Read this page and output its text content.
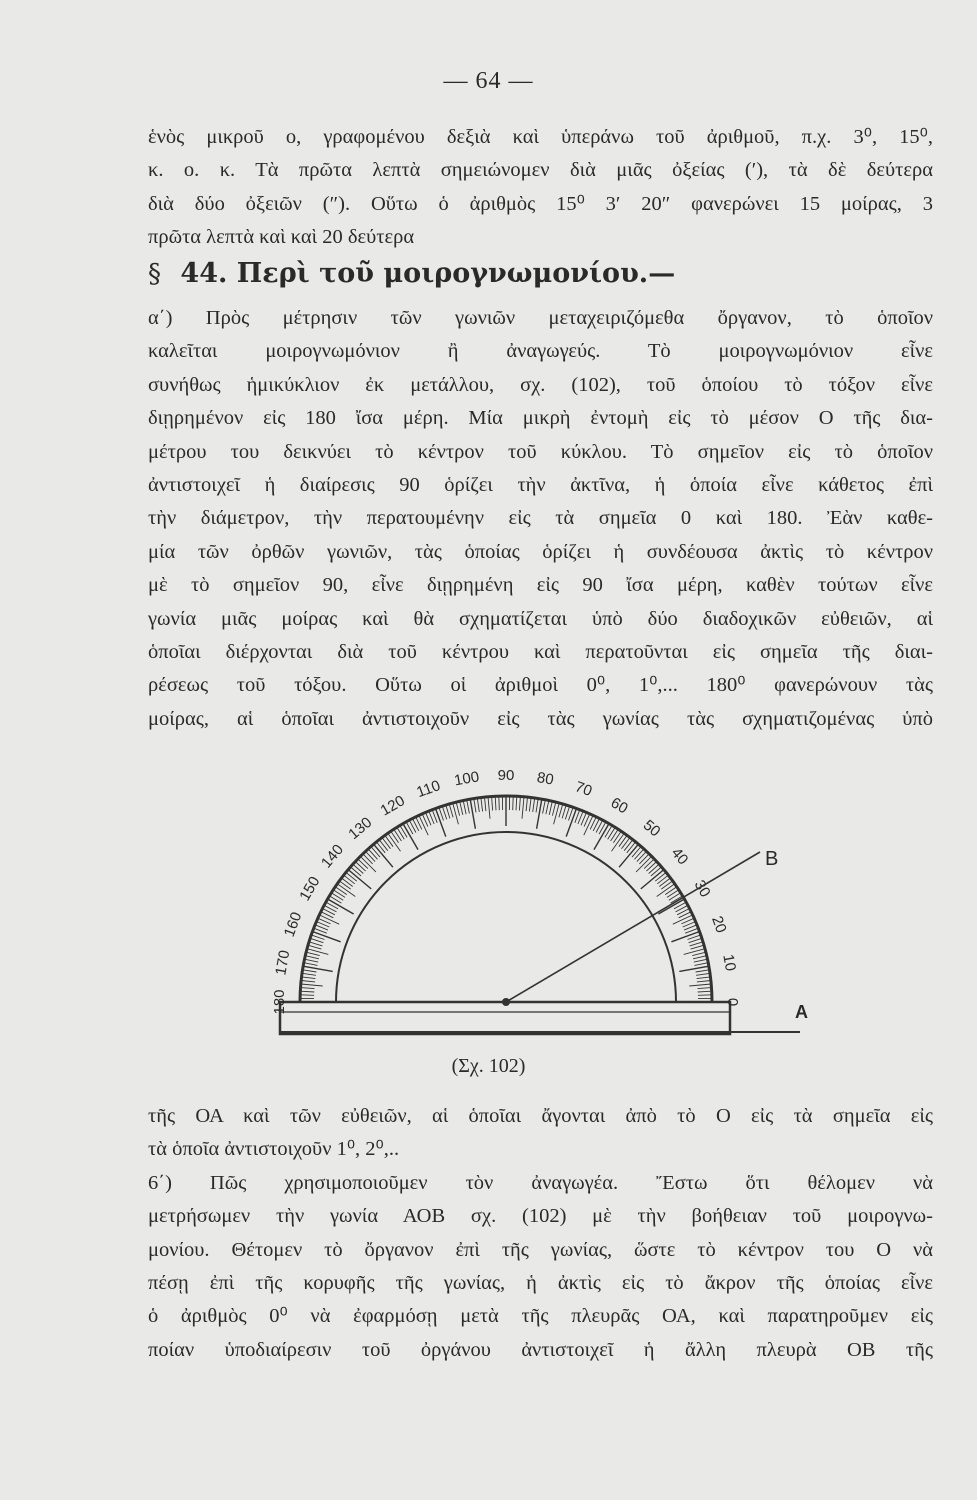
— 64 —
ἑνὸς μικροῦ ο, γραφομένου δεξιὰ καὶ ὑπεράνω τοῦ ἀριθμοῦ, π.χ. 3⁰, 15⁰,
κ. ο. κ. Τὰ πρῶτα λεπτὰ σημειώνομεν διὰ μιᾶς ὀξείας (′), τὰ δὲ δεύτερα
διὰ δύο ὀξειῶν (″). Οὕτω ὁ ἀριθμὸς 15⁰ 3′ 20″ φανερώνει 15 μοίρας, 3
πρῶτα λεπτὰ καὶ καὶ 20 δεύτερα
§ 44. Περὶ τοῦ μοιρογνωμονίου.—
α΄) Πρὸς μέτρησιν τῶν γωνιῶν μεταχειριζόμεθα ὄργανον, τὸ ὁποῖον
καλεῖται μοιρογνωμόνιον ἢ ἀναγωγεύς. Τὸ μοιρογνωμόνιον εἶνε
συνήθως ἡμικύκλιον ἐκ μετάλλου, σχ. (102), τοῦ ὁποίου τὸ τόξον εἶνε
διῃρημένον εἰς 180 ἴσα μέρη. Μία μικρὴ ἐντομὴ εἰς τὸ μέσον Ο τῆς δια-
μέτρου του δεικνύει τὸ κέντρον τοῦ κύκλου. Τὸ σημεῖον εἰς τὸ ὁποῖον
ἀντιστοιχεῖ ἡ διαίρεσις 90 ὁρίζει τὴν ἀκτῖνα, ἡ ὁποία εἶνε κάθετος ἐπὶ
τὴν διάμετρον, τὴν περατουμένην εἰς τὰ σημεῖα 0 καὶ 180. Ἐὰν καθε-
μία τῶν ὀρθῶν γωνιῶν, τὰς ὁποίας ὁρίζει ἡ συνδέουσα ἀκτὶς τὸ κέντρον
μὲ τὸ σημεῖον 90, εἶνε διῃρημένη εἰς 90 ἴσα μέρη, καθὲν τούτων εἶνε
γωνία μιᾶς μοίρας καὶ θὰ σχηματίζεται ὑπὸ δύο διαδοχικῶν εὐθειῶν, αἱ
ὁποῖαι διέρχονται διὰ τοῦ κέντρου καὶ περατοῦνται εἰς σημεῖα τῆς διαι-
ρέσεως τοῦ τόξου. Οὕτω οἱ ἀριθμοὶ 0⁰, 1⁰,... 180⁰ φανερώνουν τὰς
μοίρας, αἱ ὁποῖαι ἀντιστοιχοῦν εἰς τὰς γωνίας τὰς σχηματιζομένας ὑπὸ
0
10
20
30
40
50
60
70
80
90
100
110
120
130
140
150
160
170
180
B
A
(Σχ. 102)
τῆς ΟΑ καὶ τῶν εὐθειῶν, αἱ ὁποῖαι ἄγονται ἀπὸ τὸ Ο εἰς τὰ σημεῖα εἰς
τὰ ὁποῖα ἀντιστοιχοῦν 1⁰, 2⁰,..
6΄) Πῶς χρησιμοποιοῦμεν τὸν ἀναγωγέα. Ἔστω ὅτι θέλομεν νὰ
μετρήσωμεν τὴν γωνία ΑΟΒ σχ. (102) μὲ τὴν βοήθειαν τοῦ μοιρογνω-
μονίου. Θέτομεν τὸ ὄργανον ἐπὶ τῆς γωνίας, ὥστε τὸ κέντρον του Ο νὰ
πέσῃ ἐπὶ τῆς κορυφῆς τῆς γωνίας, ἡ ἀκτὶς εἰς τὸ ἄκρον τῆς ὁποίας εἶνε
ὁ ἀριθμὸς 0⁰ νὰ ἐφαρμόσῃ μετὰ τῆς πλευρᾶς ΟΑ, καὶ παρατηροῦμεν εἰς
ποίαν ὑποδιαίρεσιν τοῦ ὀργάνου ἀντιστοιχεῖ ἡ ἄλλη πλευρὰ ΟΒ τῆς
